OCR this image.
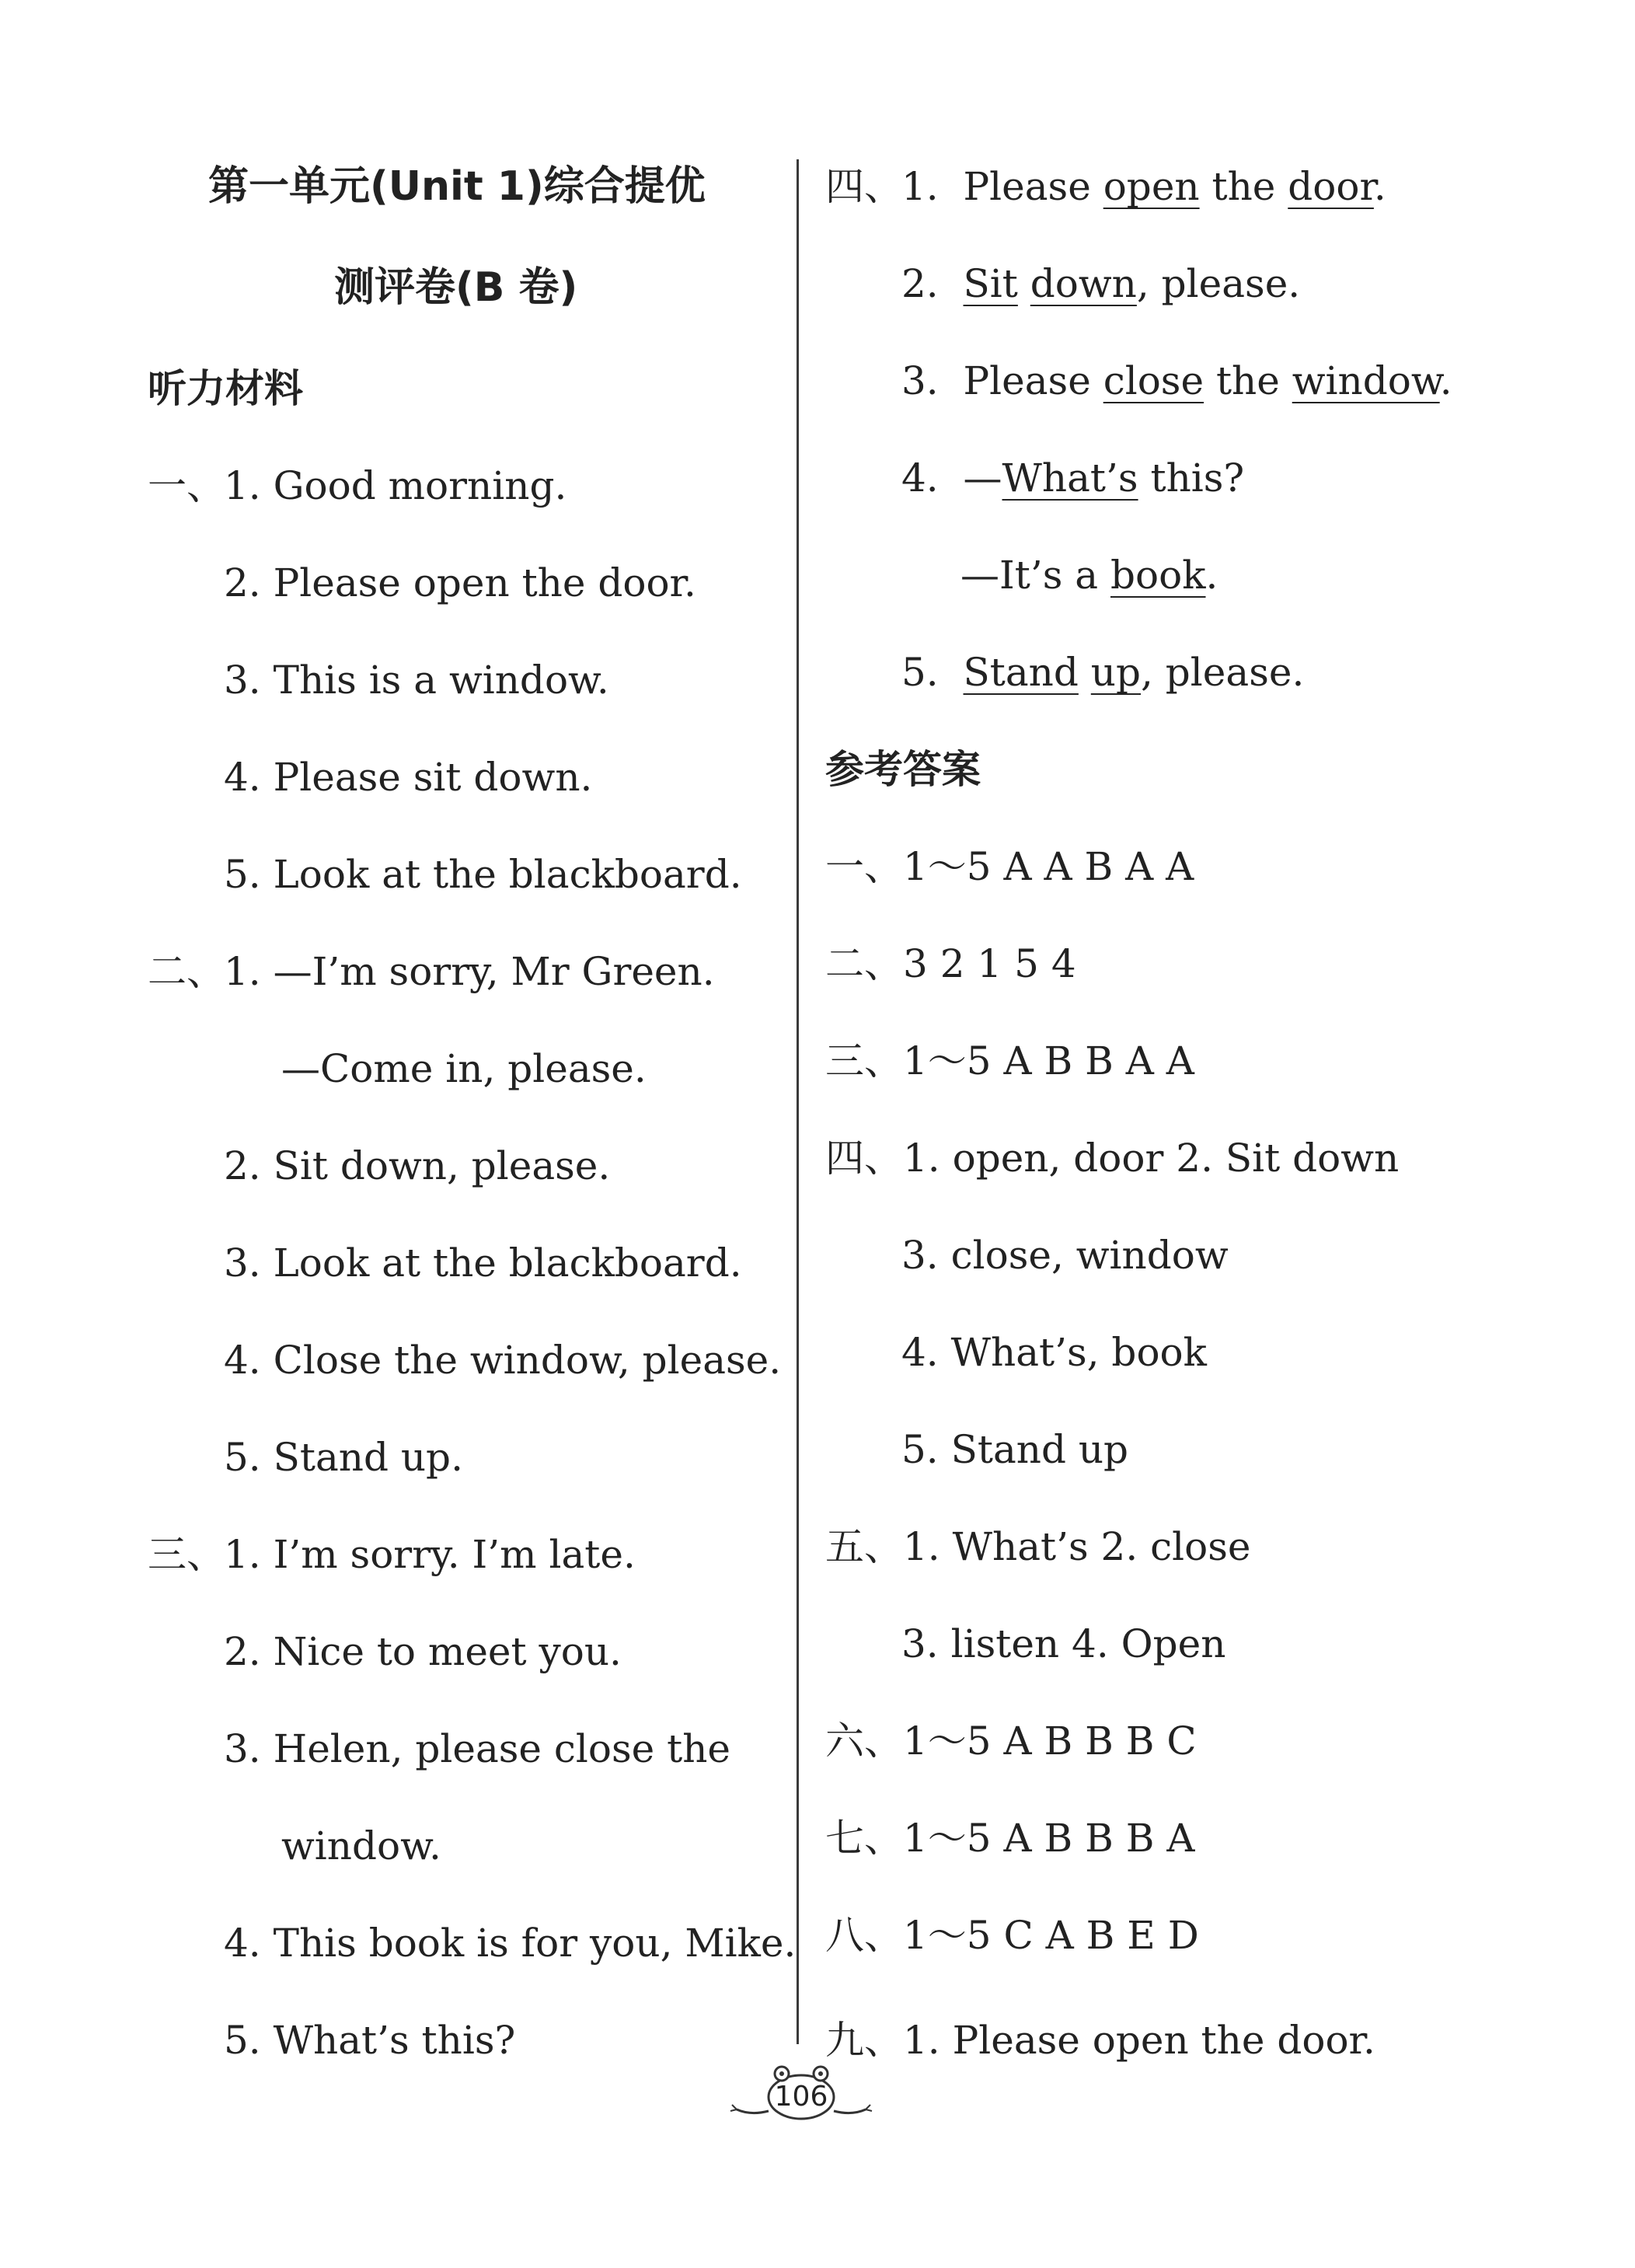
第一单元(Unit 1)综合提优
测评卷(B 卷)
听力材料
一、
1. Good morning.
2. Please open the door.
3. This is a window.
4. Please sit down.
5. Look at the blackboard.
二、
1. —I’m sorry, Mr Green.
—Come in, please.
2. Sit down, please.
3. Look at the blackboard.
4. Close the window, please.
5. Stand up.
三、
1. I’m sorry. I’m late.
2. Nice to meet you.
3. Helen, please close the
window.
4. This book is for you, Mike.
5. What’s this?
四、
1. Please open the door.
2. Sit down, please.
3. Please close the window.
4. —What’s this?
—It’s a book.
5. Stand up, please.
参考答案
一、1～5 A A B A A
二、3 2 1 5 4
三、1～5 A B B A A
四、1. open, door 2. Sit down
3. close, window
4. What’s, book
5. Stand up
五、1. What’s 2. close
3. listen 4. Open
六、1～5 A B B B C
七、1～5 A B B B A
八、1～5 C A B E D
九、1. Please open the door.
106
